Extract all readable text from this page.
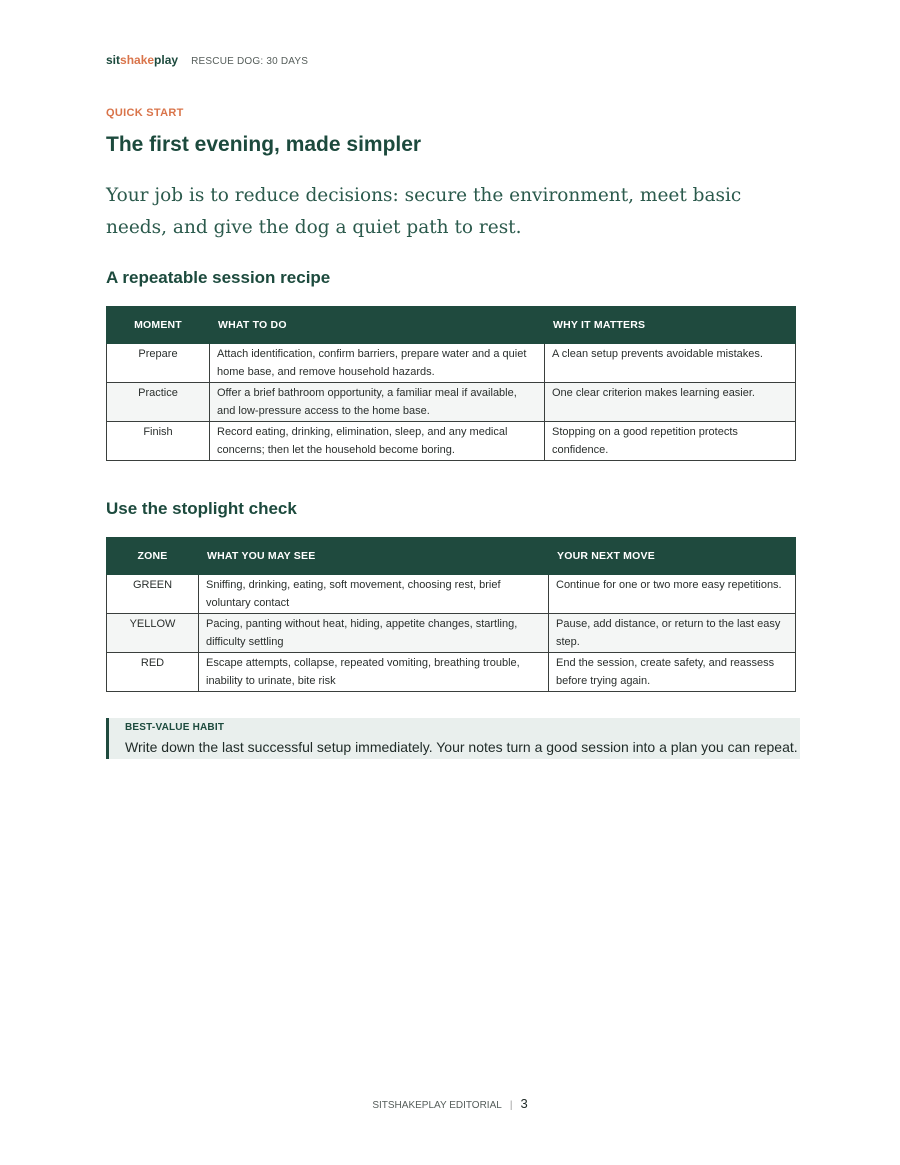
sitshakeplay RESCUE DOG: 30 DAYS
QUICK START
The first evening, made simpler

Your job is to reduce decisions: secure the environment, meet basic needs, and give the dog a quiet path to rest.

A repeatable session recipe
MOMENT	WHAT TO DO	WHY IT MATTERS
Prepare	Attach identification, confirm barriers, prepare water and a quiet home base, and remove household hazards.	A clean setup prevents avoidable mistakes.
Practice	Offer a brief bathroom opportunity, a familiar meal if available, and low-pressure access to the home base.	One clear criterion makes learning easier.
Finish	Record eating, drinking, elimination, sleep, and any medical concerns; then let the household become boring.	Stopping on a good repetition protects confidence.
Use the stoplight check
ZONE	WHAT YOU MAY SEE	YOUR NEXT MOVE
GREEN	Sniffing, drinking, eating, soft movement, choosing rest, brief voluntary contact	Continue for one or two more easy repetitions.
YELLOW	Pacing, panting without heat, hiding, appetite changes, startling, difficulty settling	Pause, add distance, or return to the last easy step.
RED	Escape attempts, collapse, repeated vomiting, breathing trouble, inability to urinate, bite risk	End the session, create safety, and reassess before trying again.
BEST-VALUE HABIT
Write down the last successful setup immediately. Your notes turn a good session into a plan you can repeat.
SITSHAKEPLAY EDITORIAL | 3
